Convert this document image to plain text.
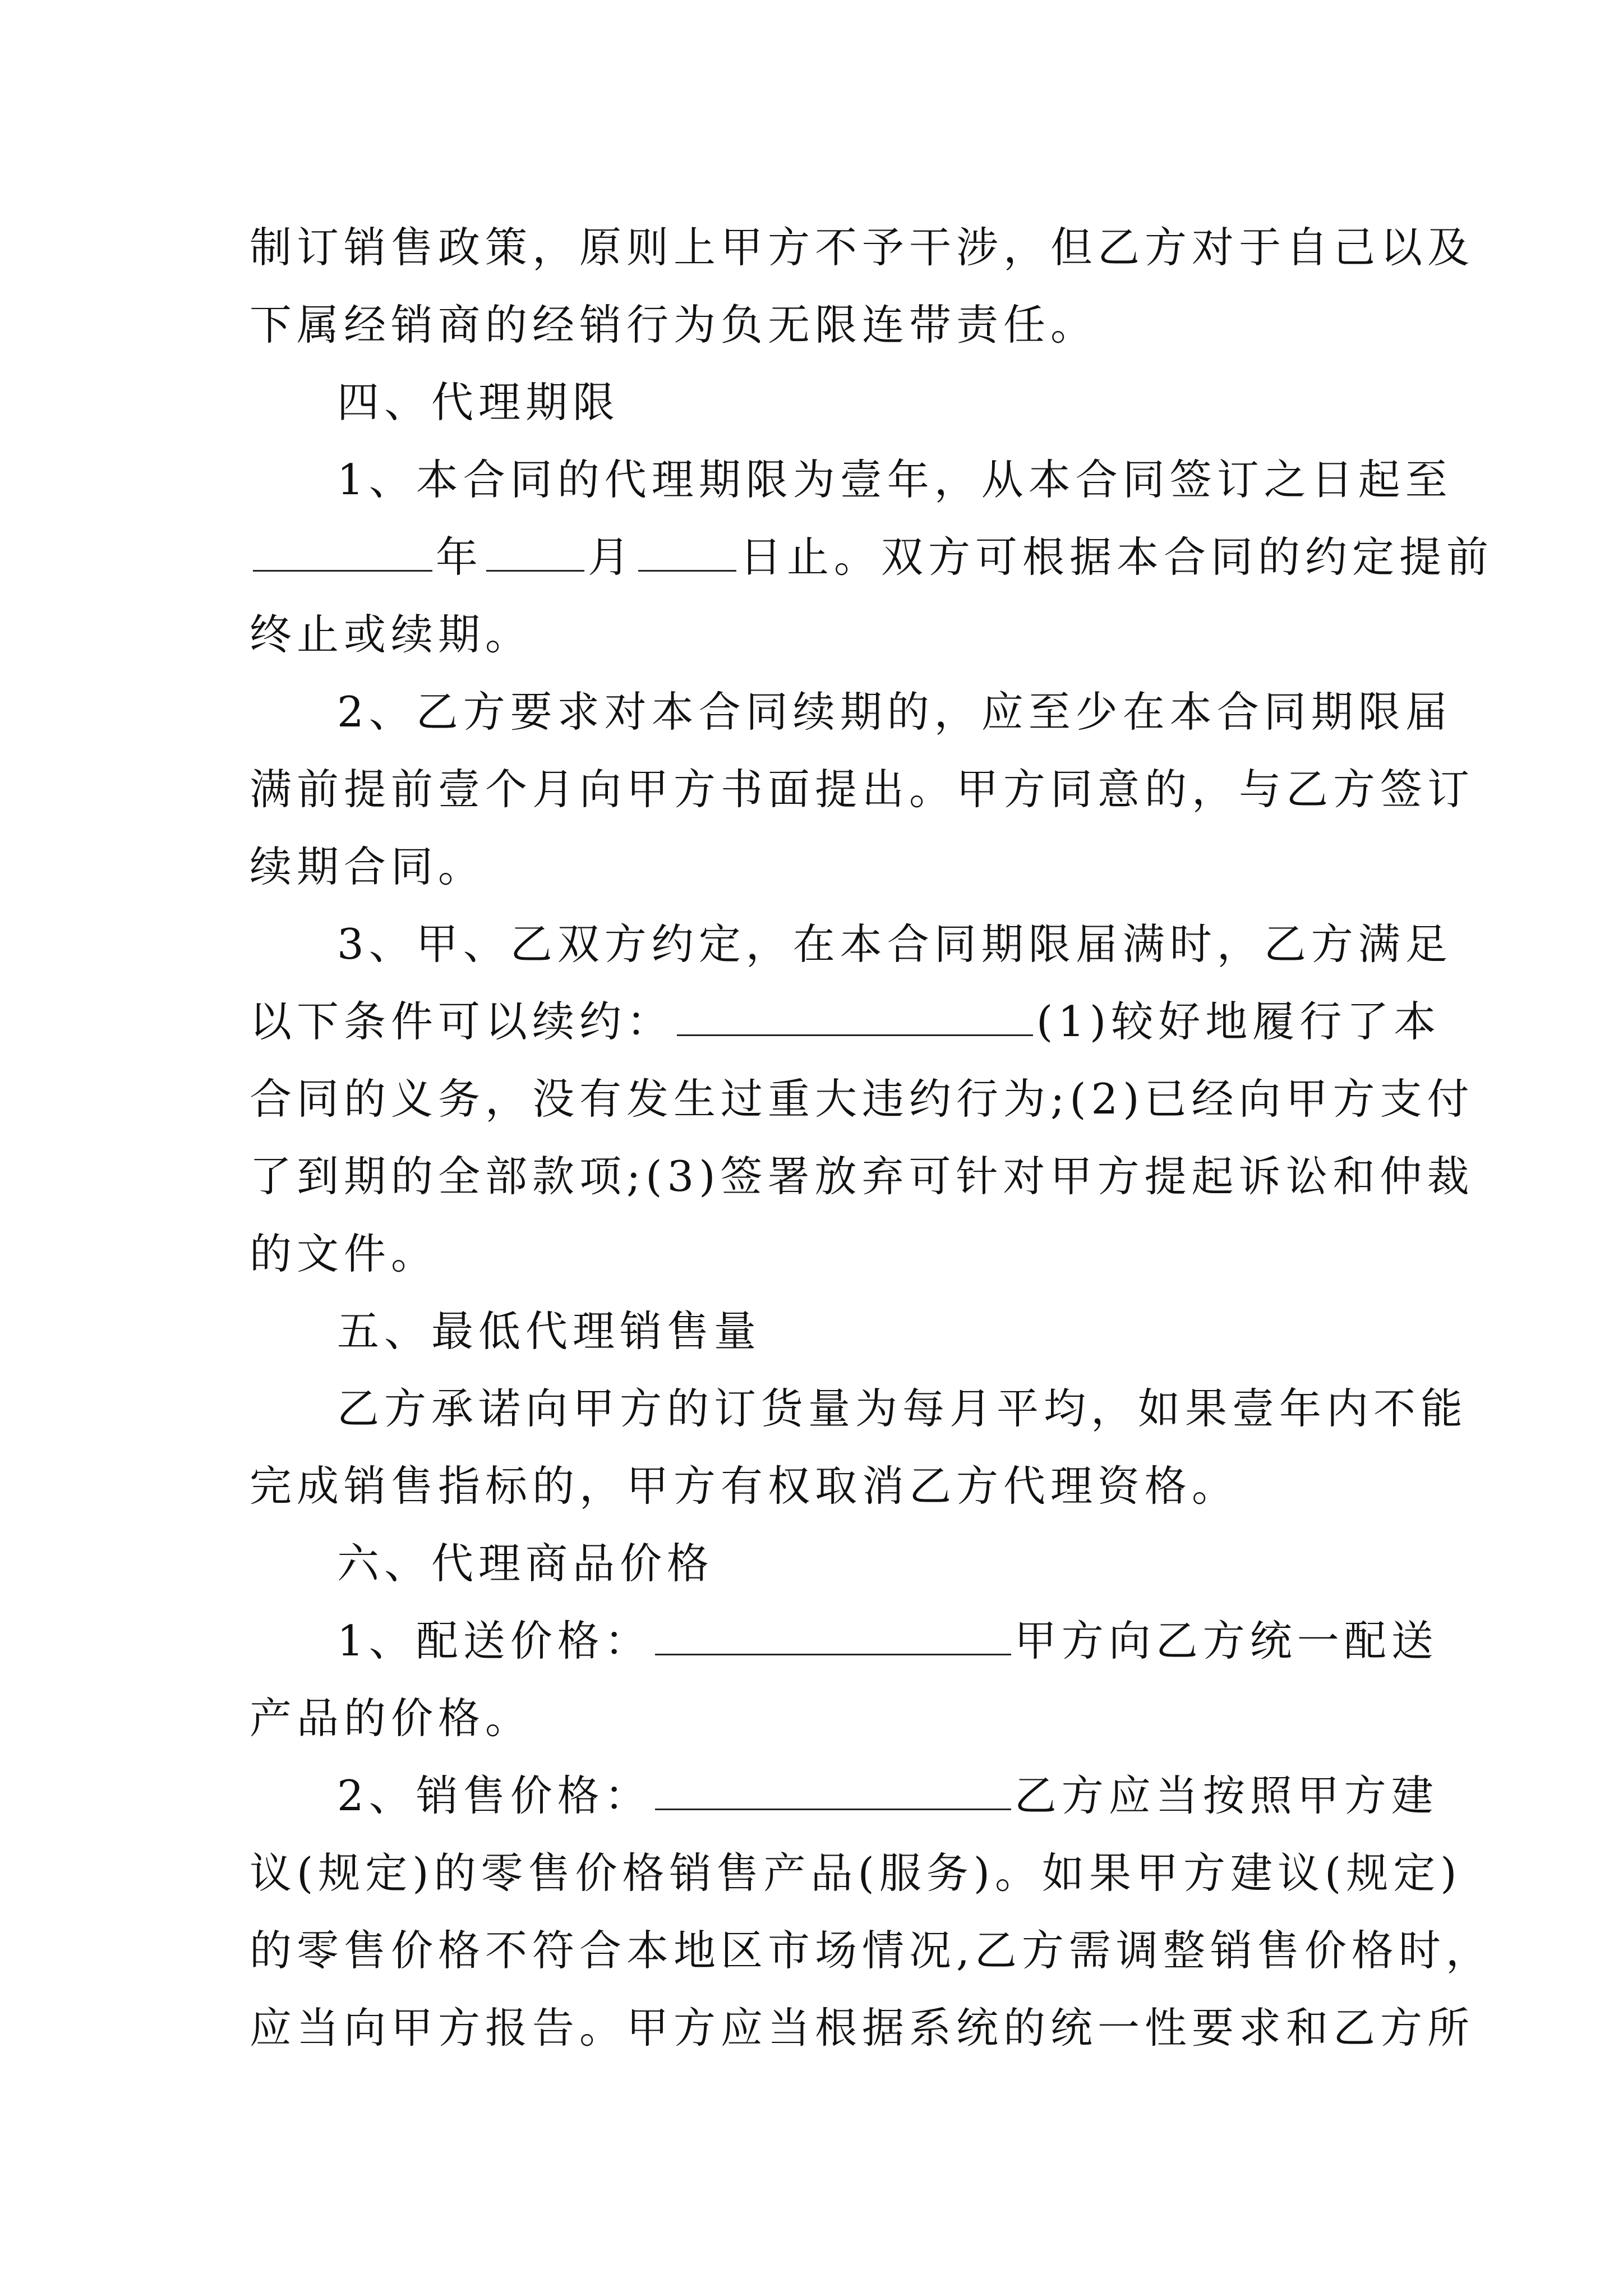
制订销售政策，原则上甲方不予干涉，但乙方对于自己以及
下属经销商的经销行为负无限连带责任。
四、代理期限
1、本合同的代理期限为壹年，从本合同签订之日起至
年 月 日止。双方可根据本合同的约定提前
终止或续期。
2、乙方要求对本合同续期的，应至少在本合同期限届
满前提前壹个月向甲方书面提出。甲方同意的，与乙方签订
续期合同。
3、甲、乙双方约定，在本合同期限届满时，乙方满足
以下条件可以续约：	(1)较好地履行了本
合同的义务，没有发生过重大违约行为;(2)已经向甲方支付
了到期的全部款项;(3)签署放弃可针对甲方提起诉讼和仲裁
的文件。
五、最低代理销售量
乙方承诺向甲方的订货量为每月平均，如果壹年内不能
完成销售指标的，甲方有权取消乙方代理资格。
六、代理商品价格
1、配送价格：	甲方向乙方统一配送
产品的价格。
2、销售价格：	乙方应当按照甲方建
议(规定)的零售价格销售产品(服务)。如果甲方建议(规定)
的零售价格不符合本地区市场情况,乙方需调整销售价格时，
应当向甲方报告。甲方应当根据系统的统一性要求和乙方所
